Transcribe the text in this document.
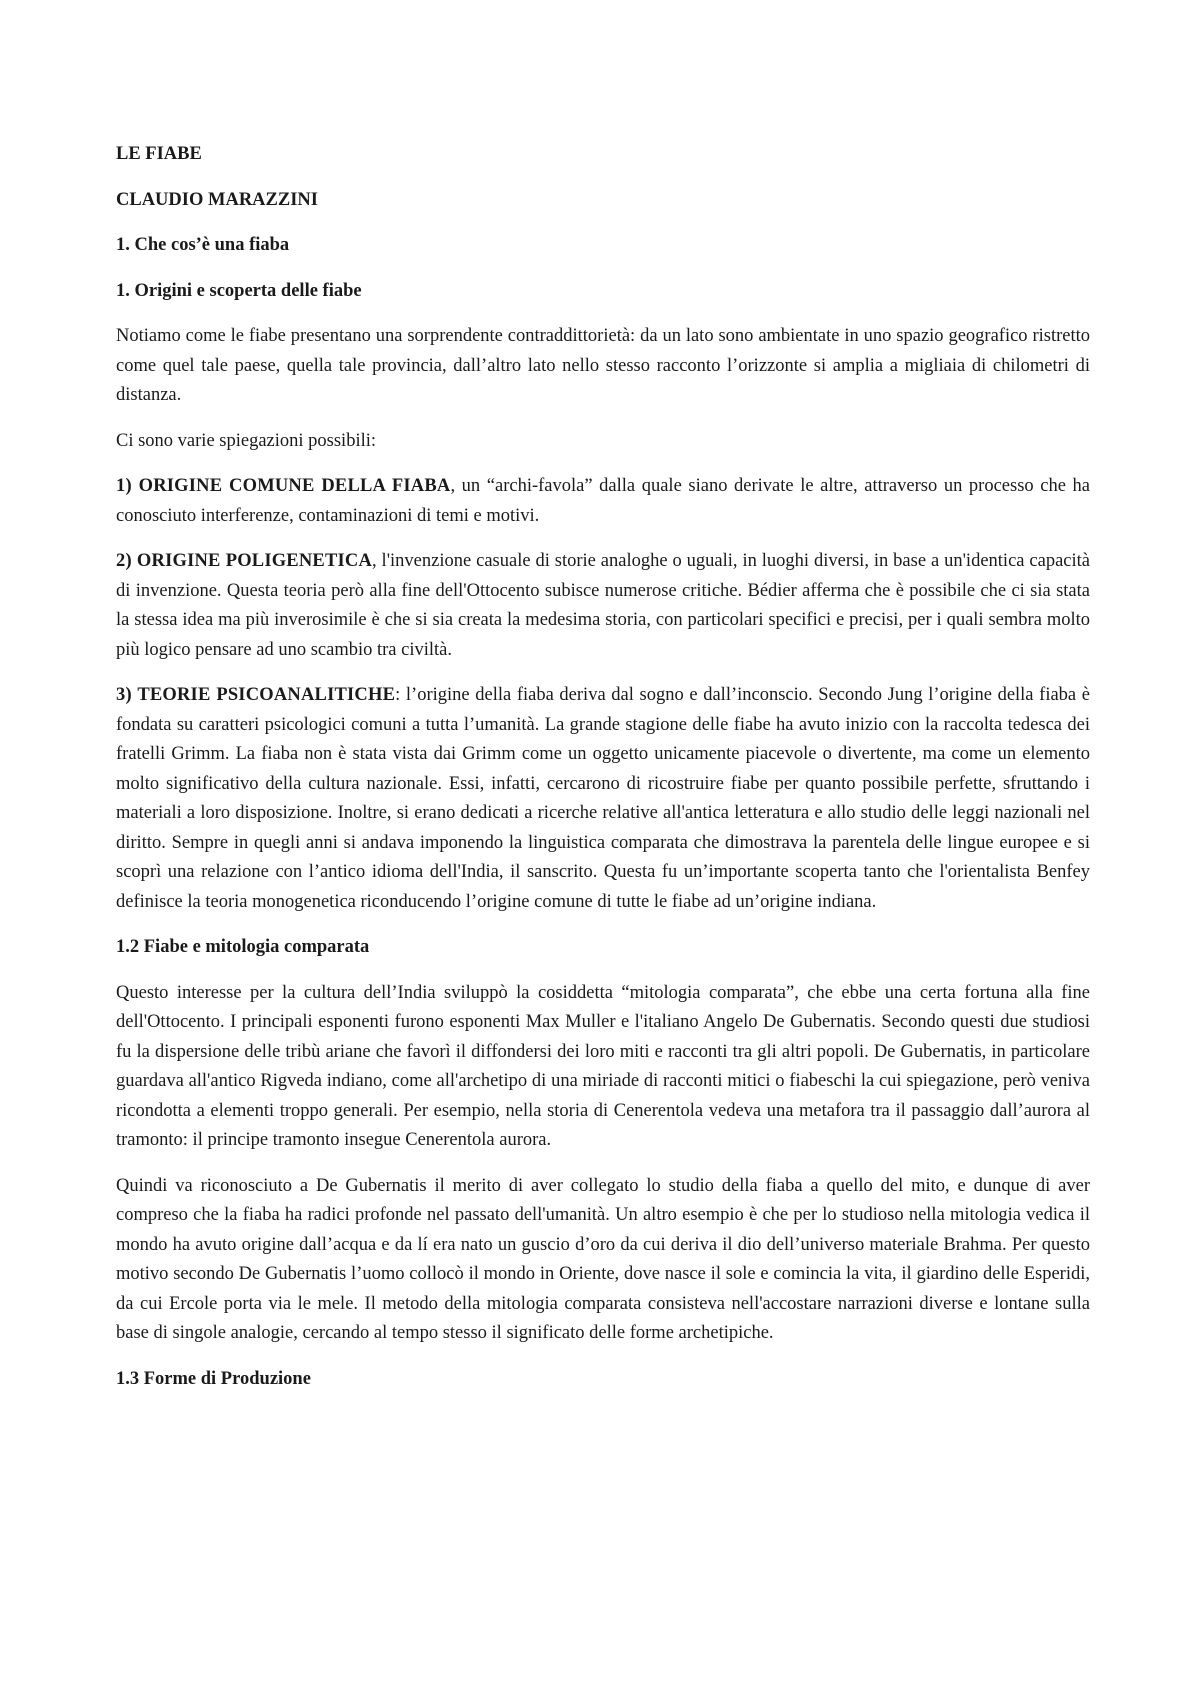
LE FIABE
CLAUDIO MARAZZINI
1. Che cos’è una fiaba
1. Origini e scoperta delle fiabe

Notiamo come le fiabe presentano una sorprendente contraddittorietà: da un lato sono ambientate in uno spazio geografico ristretto come quel tale paese, quella tale provincia, dall’altro lato nello stesso racconto l’orizzonte si amplia a migliaia di chilometri di distanza.

Ci sono varie spiegazioni possibili:

1) ORIGINE COMUNE DELLA FIABA, un “archi-favola” dalla quale siano derivate le altre, attraverso un processo che ha conosciuto interferenze, contaminazioni di temi e motivi.

2) ORIGINE POLIGENETICA, l'invenzione casuale di storie analoghe o uguali, in luoghi diversi, in base a un'identica capacità di invenzione. Questa teoria però alla fine dell'Ottocento subisce numerose critiche. Bédier afferma che è possibile che ci sia stata la stessa idea ma più inverosimile è che si sia creata la medesima storia, con particolari specifici e precisi, per i quali sembra molto più logico pensare ad uno scambio tra civiltà.

3) TEORIE PSICOANALITICHE: l’origine della fiaba deriva dal sogno e dall’inconscio. Secondo Jung l’origine della fiaba è fondata su caratteri psicologici comuni a tutta l’umanità. La grande stagione delle fiabe ha avuto inizio con la raccolta tedesca dei fratelli Grimm. La fiaba non è stata vista dai Grimm come un oggetto unicamente piacevole o divertente, ma come un elemento molto significativo della cultura nazionale. Essi, infatti, cercarono di ricostruire fiabe per quanto possibile perfette, sfruttando i materiali a loro disposizione. Inoltre, si erano dedicati a ricerche relative all'antica letteratura e allo studio delle leggi nazionali nel diritto. Sempre in quegli anni si andava imponendo la linguistica comparata che dimostrava la parentela delle lingue europee e si scoprì una relazione con l’antico idioma dell'India, il sanscrito. Questa fu un’importante scoperta tanto che l'orientalista Benfey definisce la teoria monogenetica riconducendo l’origine comune di tutte le fiabe ad un’origine indiana.

1.2 Fiabe e mitologia comparata

Questo interesse per la cultura dell’India sviluppò la cosiddetta “mitologia comparata”, che ebbe una certa fortuna alla fine dell'Ottocento. I principali esponenti furono esponenti Max Muller e l'italiano Angelo De Gubernatis. Secondo questi due studiosi fu la dispersione delle tribù ariane che favorì il diffondersi dei loro miti e racconti tra gli altri popoli. De Gubernatis, in particolare guardava all'antico Rigveda indiano, come all'archetipo di una miriade di racconti mitici o fiabeschi la cui spiegazione, però veniva ricondotta a elementi troppo generali. Per esempio, nella storia di Cenerentola vedeva una metafora tra il passaggio dall’aurora al tramonto: il principe tramonto insegue Cenerentola aurora.

Quindi va riconosciuto a De Gubernatis il merito di aver collegato lo studio della fiaba a quello del mito, e dunque di aver compreso che la fiaba ha radici profonde nel passato dell'umanità. Un altro esempio è che per lo studioso nella mitologia vedica il mondo ha avuto origine dall’acqua e da lí era nato un guscio d’oro da cui deriva il dio dell’universo materiale Brahma. Per questo motivo secondo De Gubernatis l’uomo collocò il mondo in Oriente, dove nasce il sole e comincia la vita, il giardino delle Esperidi, da cui Ercole porta via le mele. Il metodo della mitologia comparata consisteva nell'accostare narrazioni diverse e lontane sulla base di singole analogie, cercando al tempo stesso il significato delle forme archetipiche.

1.3 Forme di Produzione
